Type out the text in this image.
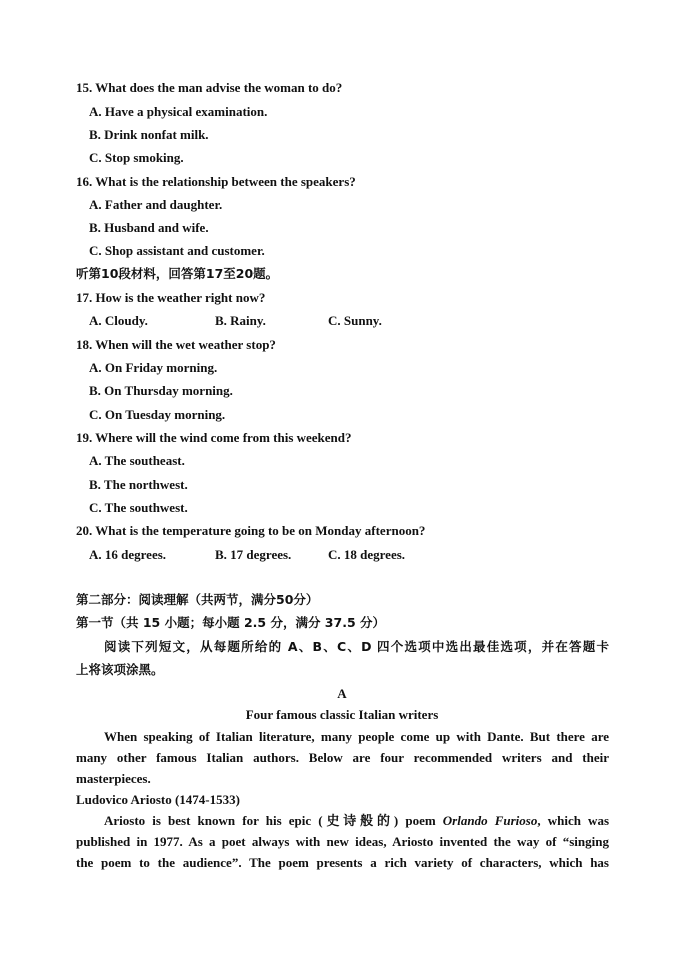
15. What does the man advise the woman to do?
A. Have a physical examination.
B. Drink nonfat milk.
C. Stop smoking.
16. What is the relationship between the speakers?
A. Father and daughter.
B. Husband and wife.
C. Shop assistant and customer.
听第10段材料，回答第17至20题。
17. How is the weather right now?
A. Cloudy.	B. Rainy.	C. Sunny.
18. When will the wet weather stop?
A. On Friday morning.
B. On Thursday morning.
C. On Tuesday morning.
19. Where will the wind come from this weekend?
A. The southeast.
B. The northwest.
C. The southwest.
20. What is the temperature going to be on Monday afternoon?
A. 16 degrees.	B. 17 degrees.	C. 18 degrees.
第二部分：阅读理解（共两节，满分50分）
第一节（共 15 小题；每小题 2.5 分，满分 37.5 分）
阅读下列短文，从每题所给的 A、B、C、D 四个选项中选出最佳选项，并在答题卡
上将该项涂黑。
A
Four famous classic Italian writers
When speaking of Italian literature, many people come up with Dante. But there are
many other famous Italian authors. Below are four recommended writers and their
masterpieces.
Ludovico Ariosto (1474-1533)
Ariosto is best known for his epic (史诗般的) poem Orlando Furioso, which was
published in 1977. As a poet always with new ideas, Ariosto invented the way of “singing
the poem to the audience”. The poem presents a rich variety of characters, which has
